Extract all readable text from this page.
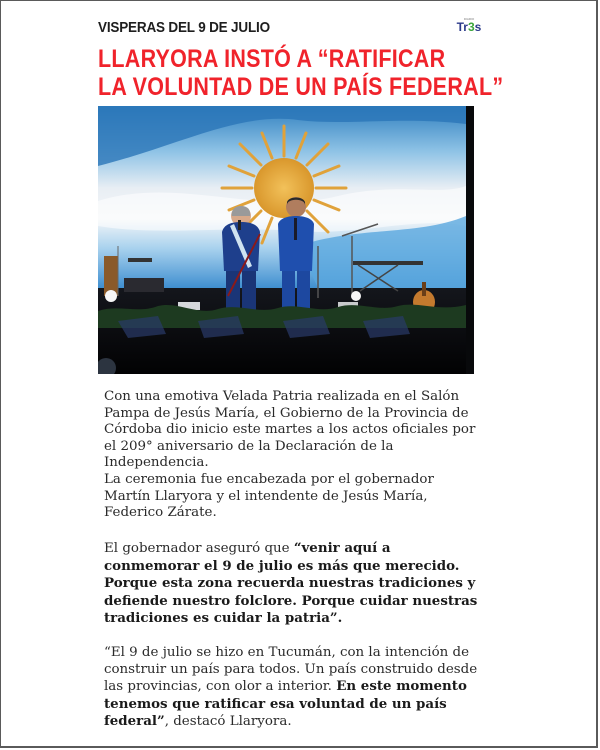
VISPERAS DEL 9 DE JULIO	DIARIO
Tr3s
LLARYORA INSTÓ A “RATIFICAR
LA VOLUNTAD DE UN PAÍS FEDERAL”

Con una emotiva Velada Patria realizada en el Salón Pampa de Jesús María, el Gobierno de la Provincia de Córdoba dio inicio este martes a los actos oficiales por el 209° aniversario de la Declaración de la Independencia.

La ceremonia fue encabezada por el gobernador Martín Llaryora y el intendente de Jesús María, Federico Zárate.

El gobernador aseguró que “venir aquí a conmemorar el 9 de julio es más que merecido. Porque esta zona recuerda nuestras tradiciones y defiende nuestro folclore. Porque cuidar nuestras tradiciones es cuidar la patria”.

“El 9 de julio se hizo en Tucumán, con la intención de construir un país para todos. Un país construido desde las provincias, con olor a interior. En este momento tenemos que ratificar esa voluntad de un país federal”, destacó Llaryora.
